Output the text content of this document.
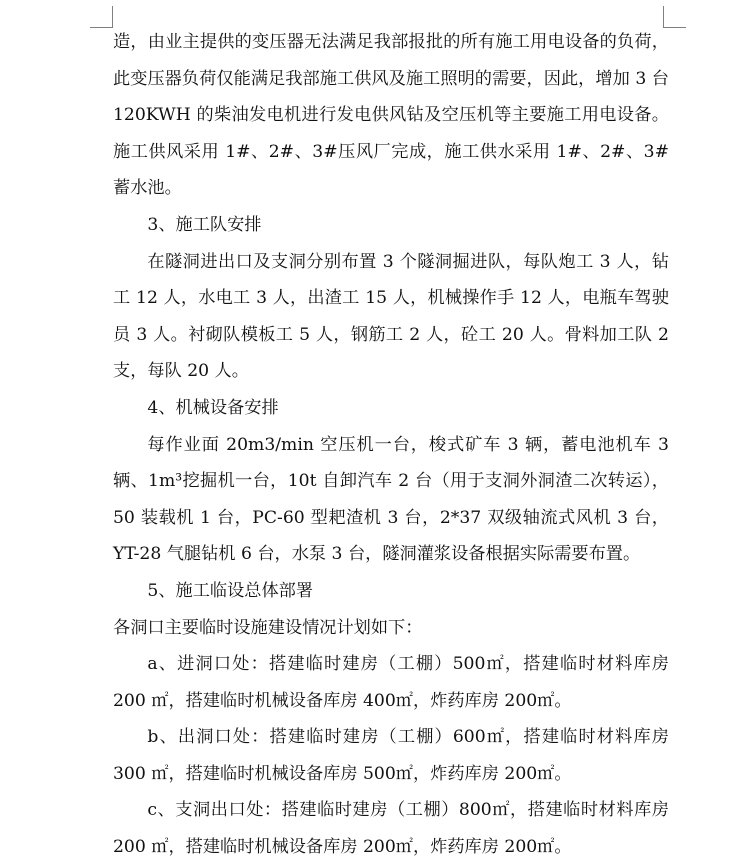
造，由业主提供的变压器无法满足我部报批的所有施工用电设备的负荷，此变压器负荷仅能满足我部施工供风及施工照明的需要，因此，增加 3 台 120KWH 的柴油发电机进行发电供风钻及空压机等主要施工用电设备。施工供风采用 1#、2#、3#压风厂完成，施工供水采用 1#、2#、3#蓄水池。

3、施工队安排

在隧洞进出口及支洞分别布置 3 个隧洞掘进队，每队炮工 3 人，钻工 12 人，水电工 3 人，出渣工 15 人，机械操作手 12 人，电瓶车驾驶员 3 人。衬砌队模板工 5 人，钢筋工 2 人，砼工 20 人。骨料加工队 2 支，每队 20 人。

4、机械设备安排

每作业面 20m3/min 空压机一台，梭式矿车 3 辆，蓄电池机车 3 辆、1m³挖掘机一台，10t 自卸汽车 2 台（用于支洞外洞渣二次转运），50 装载机 1 台，PC-60 型耙渣机 3 台，2*37 双级轴流式风机 3 台，YT-28 气腿钻机 6 台，水泵 3 台，隧洞灌浆设备根据实际需要布置。

5、施工临设总体部署

各洞口主要临时设施建设情况计划如下：

a、进洞口处：搭建临时建房（工棚）500㎡，搭建临时材料库房 200 ㎡，搭建临时机械设备库房 400㎡，炸药库房 200㎡。

b、出洞口处：搭建临时建房（工棚）600㎡，搭建临时材料库房 300 ㎡，搭建临时机械设备库房 500㎡，炸药库房 200㎡。

c、支洞出口处：搭建临时建房（工棚）800㎡，搭建临时材料库房 200 ㎡，搭建临时机械设备库房 200㎡，炸药库房 200㎡。
